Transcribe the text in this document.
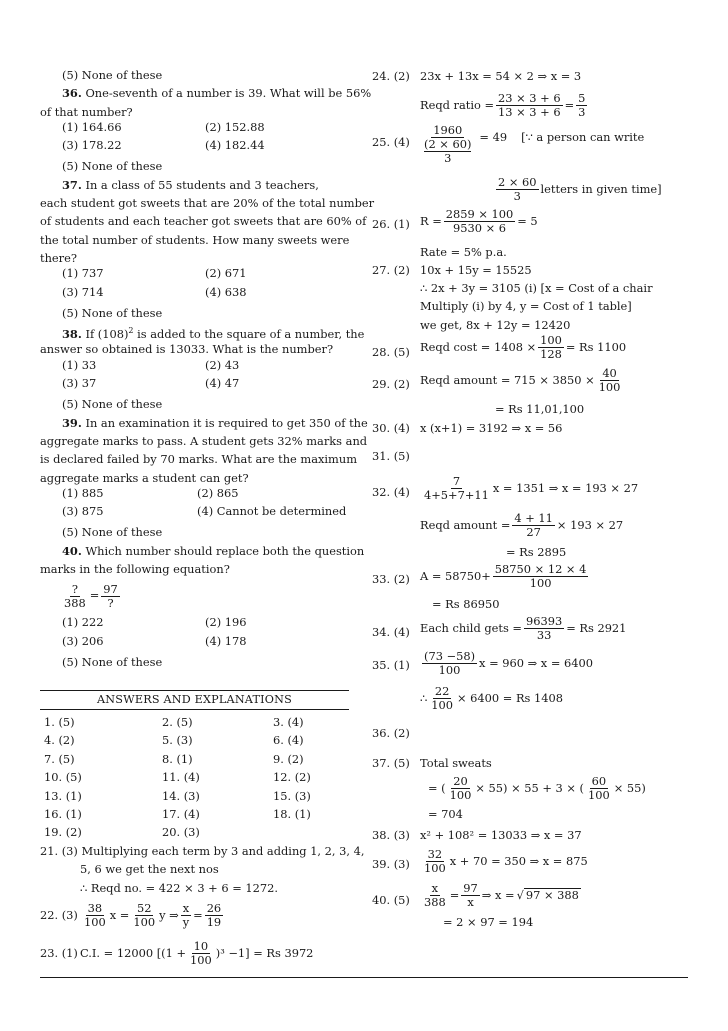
(5) None of these
36. One-seventh of a number is 39. What will be 56%
of that number?
(1) 164.66	(2) 152.88
(3) 178.22	(4) 182.44
(5) None of these
37. In a class of 55 students and 3 teachers,
each student got sweets that are 20% of the total number
of students and each teacher got sweets that are 60% of
the total number of students. How many sweets were
there?
(1) 737	(2) 671
(3) 714	(4) 638
(5) None of these
38. If $(108)^2$ is added to the square of a number, the
answer so obtained is 13033. What is the number?
(1) 33	(2) 43
(3) 37	(4) 47
(5) None of these
39. In an examination it is required to get 350 of the
aggregate marks to pass. A student gets 32% marks and
is declared failed by 70 marks. What are the maximum
aggregate marks a student can get?
(1) 885	(2) 865
(3) 875	(4) Cannot be determined
(5) None of these
40. Which number should replace both the question
marks in the following equation?
$\frac{?}{388} = \frac{97}{?}$
(1) 222	(2) 196
(3) 206	(4) 178
(5) None of these
ANSWERS AND EXPLANATIONS
1. (5)	2. (5)	3. (4)
4. (2)	5. (3)	6. (4)
7. (5)	8. (1)	9. (2)
10. (5)	11. (4)	12. (2)
13. (1)	14. (3)	15. (3)
16. (1)	17. (4)	18. (1)
19. (2)	20. (3)
21. (3) Multiplying each term by 3 and adding 1, 2, 3, 4,
5, 6 we get the next nos
∴ Reqd no. = 422 × 3 + 6 = 1272.
22. $(3) \frac{38}{100}$ $x = \frac{52}{100}$ y ⇒ $\frac{x}{y} = \frac{26}{19}$
23. (1) C.I. = 12000 $[(1 + \frac{10}{100} )^3 -1] = Rs$ 3972
24. (2) 23x + 13x = 54 × 2 ⇒ x = 3
Reqd ratio = $\frac{23 \times 3 + 6}{13 \times 3 + 6} = \frac{5}{3}$
25. (4) 1960
(2 × 60)
3 = 49 [∵ a person can write
$\frac{2 \times 60}{3}$ letters in given time]
26. (1) $R = \frac{2859 \times 100}{9530 \times 6} = 5$
Rate = 5% p.a.
27. (2) 10x + 15y = 15525
∴ 2x + 3y = 3105 (i) [x = Cost of a chair
Multiply (i) by 4, y = Cost of 1 table]
we get, 8x + 12y = 12420
28. (5) Reqd $\cos t = 1408 \times \frac{100}{128} = Rs$ 1100
29. (2) Reqd amount = $715 \times 3850 \times \frac{40}{100}$
= Rs 11,01,100
30. (4) x (x+1) = 3192 ⇒ x = 56
31. (5)
32. $(4) \frac{7}{4+5+7+11}$ x = 1351 ⇒ x = 193 × 27
Reqd amount = $\frac{4 + 11}{27} \times 193 \times 27$
= Rs 2895
33. (2) $A = 58750+ \frac{58750 \times 12 \times 4}{100}$
= Rs 86950
34. (4) Each child gets = $\frac{96393}{33} = Rs$ 2921
35. $(1) \frac{(73 -58)}{100}$ x = 960 ⇒ x = 6400
∴ $\frac{22}{100} \times 6400 = Rs$ 1408
36. (2)
37. (5) Total sweats
= ( $\frac{20}{100} \times 55) \times 55 + 3$ × ( $\frac{60}{100} \times 55$)
= 704
38. (3) x² + 108² = 13033 ⇒ x = 37
39. $(3) \frac{32}{100}$ x + 70 = 350 ⇒ x = 875
40. $(5) \frac{x}{388} = \frac{97}{x}$ ⇒ x = √ 97 × 388
= 2 × 97 = 194
